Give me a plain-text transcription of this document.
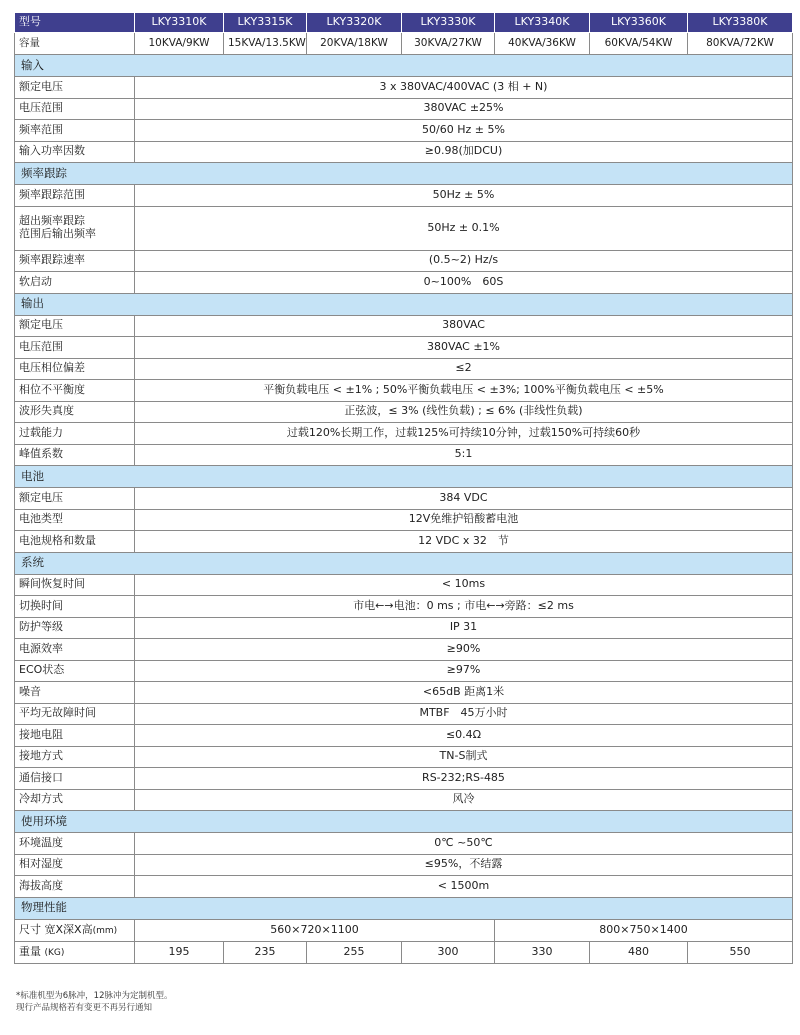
型号	LKY3310K	LKY3315K	LKY3320K	LKY3330K	LKY3340K	LKY3360K	LKY3380K
容量	10KVA/9KW	15KVA/13.5KW	20KVA/18KW	30KVA/27KW	40KVA/36KW	60KVA/54KW	80KVA/72KW
输入							

额定电压	3 x 380VAC/400VAC (3 相 + N)						

电压范围	380VAC ±25%						

频率范围	50/60 Hz ± 5%						

输入功率因数	≥0.98(加DCU)						
频率跟踪							

频率跟踪范围	50Hz ± 5%						

超出频率跟踪
范围后输出频率	50Hz ± 0.1%						

频率跟踪速率	(0.5~2) Hz/s						

软启动	0~100%　60S						
输出							

额定电压	380VAC						

电压范围	380VAC ±1%						

电压相位偏差	≤2						

相位不平衡度	平衡负载电压 < ±1% ; 50%平衡负载电压 < ±3%; 100%平衡负载电压 < ±5%						

波形失真度	正弦波，≤ 3% (线性负载) ; ≤ 6% (非线性负载)						

过载能力	过载120%长期工作，过载125%可持续10分钟，过载150%可持续60秒						

峰值系数	5:1						
电池							

额定电压	384 VDC						

电池类型	12V免维护铅酸蓄电池						

电池规格和数量	12 VDC x 32　节						
系统							

瞬间恢复时间	< 10ms						

切换时间	市电←→电池：0 ms ; 市电←→旁路：≤2 ms						

防护等级	IP 31						

电源效率	≥90%						

ECO状态	≥97%						

噪音	<65dB 距离1米						

平均无故障时间	MTBF　45万小时						

接地电阻	≤0.4Ω						

接地方式	TN-S制式						

通信接口	RS-232;RS-485						

冷却方式	风冷						
使用环境							

环境温度	0℃ ~50℃						

相对湿度	≤95%，不结露						

海拔高度	< 1500m						
物理性能							
尺寸 宽X深X高(mm)	560×720×1100				800×750×1400		
重量 (KG)	195	235	255	300	330	480	550
*标准机型为6脉冲，12脉冲为定制机型。
现行产品规格若有变更不再另行通知
